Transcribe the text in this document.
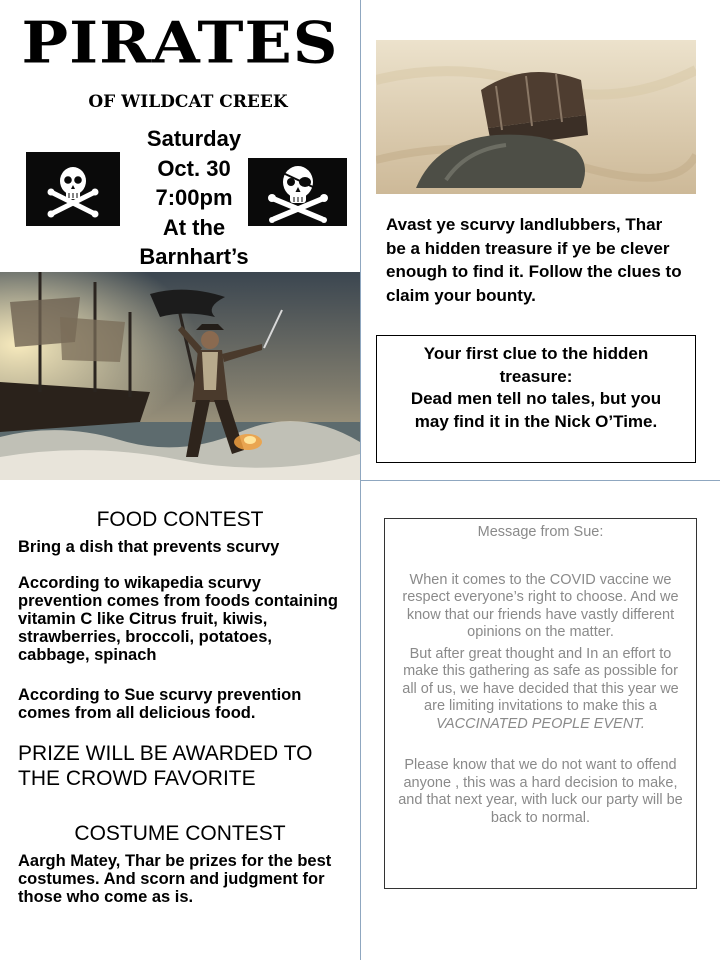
PIRATES
OF WILDCAT CREEK
Saturday
Oct. 30
7:00pm
At the
Barnhart’s
Avast ye scurvy landlubbers, Thar be a hidden treasure if ye be clever enough to find it. Follow the clues to claim your bounty.
Your first clue to the hidden treasure:
Dead men tell no tales, but you may find it in the Nick O’Time.
FOOD CONTEST
Bring a dish that prevents scurvy
According to wikapedia scurvy prevention comes from foods containing vitamin C like Citrus fruit, kiwis, strawberries, broccoli, potatoes, cabbage, spinach
According to Sue scurvy prevention comes from all delicious food.
PRIZE WILL BE AWARDED TO THE CROWD FAVORITE
COSTUME CONTEST
Aargh Matey, Thar be prizes for the best costumes. And scorn and judgment for those who come as is.

Message from Sue:

When it comes to the COVID vaccine we respect everyone’s right to choose. And we know that our friends have vastly different opinions on the matter.

But after great thought and In an effort to make this gathering as safe as possible for all of us, we have decided that this year we are limiting invitations to make this a VACCINATED PEOPLE EVENT.

Please know that we do not want to offend anyone , this was a hard decision to make, and that next year, with luck our party will be back to normal.
